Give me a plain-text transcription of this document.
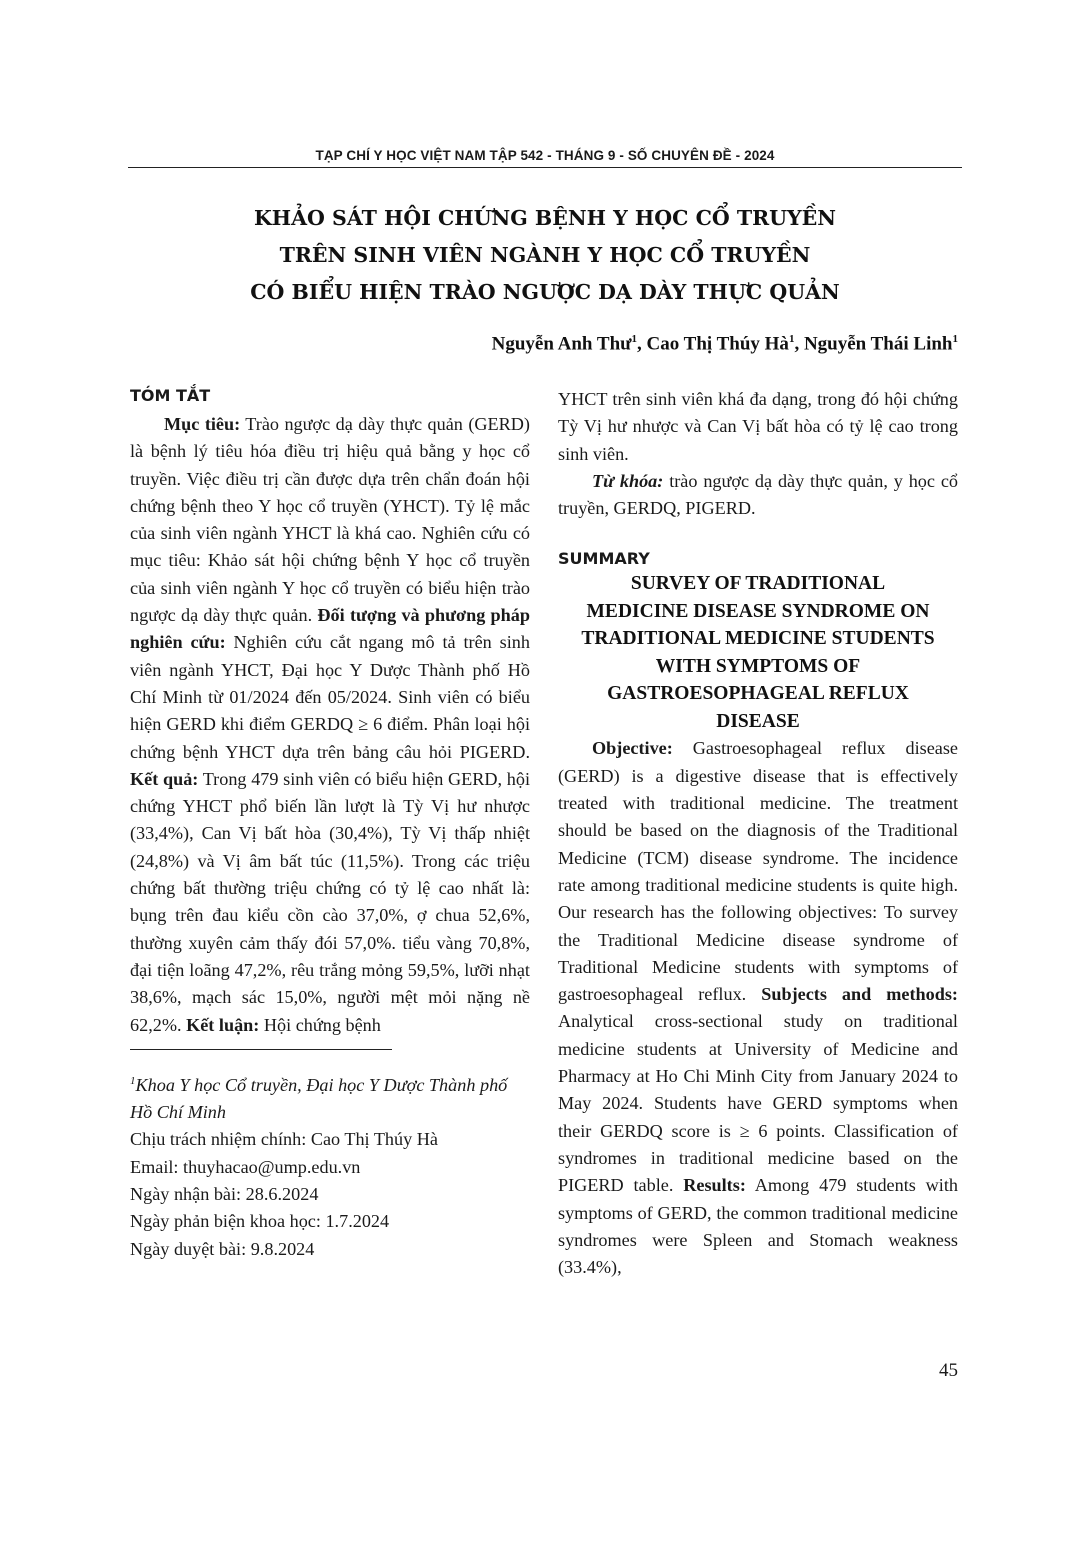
TẠP CHÍ Y HỌC VIỆT NAM TẬP 542 - THÁNG 9 - SỐ CHUYÊN ĐỀ - 2024
KHẢO SÁT HỘI CHỨNG BỆNH Y HỌC CỔ TRUYỀN
TRÊN SINH VIÊN NGÀNH Y HỌC CỔ TRUYỀN
CÓ BIỂU HIỆN TRÀO NGƯỢC DẠ DÀY THỰC QUẢN
Nguyễn Anh Thư$^1$, Cao Thị Thúy $Hà^1$, Nguyễn Thái Linh$^1$
TÓM TẮT

Mục tiêu: Trào ngược dạ dày thực quản (GERD) là bệnh lý tiêu hóa điều trị hiệu quả bằng y học cổ truyền. Việc điều trị cần được dựa trên chẩn đoán hội chứng bệnh theo Y học cổ truyền (YHCT). Tỷ lệ mắc của sinh viên ngành YHCT là khá cao. Nghiên cứu có mục tiêu: Khảo sát hội chứng bệnh Y học cổ truyền của sinh viên ngành Y học cổ truyền có biểu hiện trào ngược dạ dày thực quản. Đối tượng và phương pháp nghiên cứu: Nghiên cứu cắt ngang mô tả trên sinh viên ngành YHCT, Đại học Y Dược Thành phố Hồ Chí Minh từ 01/2024 đến 05/2024. Sinh viên có biểu hiện GERD khi điểm GERDQ ≥ 6 điểm. Phân loại hội chứng bệnh YHCT dựa trên bảng câu hỏi PIGERD. Kết quả: Trong 479 sinh viên có biểu hiện GERD, hội chứng YHCT phổ biến lần lượt là Tỳ Vị hư nhược (33,4%), Can Vị bất hòa (30,4%), Tỳ Vị thấp nhiệt (24,8%) và Vị âm bất túc (11,5%). Trong các triệu chứng bất thường triệu chứng có tỷ lệ cao nhất là: bụng trên đau kiểu cồn cào 37,0%, ợ chua 52,6%, thường xuyên cảm thấy đói 57,0%. tiểu vàng 70,8%, đại tiện loãng 47,2%, rêu trắng mỏng 59,5%, lưỡi nhạt 38,6%, mạch sác 15,0%, người mệt mỏi nặng nề 62,2%. Kết luận: Hội chứng bệnh

$^1$Khoa Y học Cổ truyền, Đại học Y Dược Thành phố Hồ Chí Minh

Chịu trách nhiệm chính: Cao Thị Thúy Hà

Email: thuyhacao@ump.edu.vn

Ngày nhận bài: 28.6.2024

Ngày phản biện khoa học: 1.7.2024

Ngày duyệt bài: 9.8.2024

YHCT trên sinh viên khá đa dạng, trong đó hội chứng Tỳ Vị hư nhược và Can Vị bất hòa có tỷ lệ cao trong sinh viên.

Từ khóa: trào ngược dạ dày thực quản, y học cổ truyền, GERDQ, PIGERD.

SUMMARY
SURVEY OF TRADITIONAL
MEDICINE DISEASE SYNDROME ON
TRADITIONAL MEDICINE STUDENTS
WITH SYMPTOMS OF
GASTROESOPHAGEAL REFLUX
DISEASE

Objective: Gastroesophageal reflux disease (GERD) is a digestive disease that is effectively treated with traditional medicine. The treatment should be based on the diagnosis of the Traditional Medicine (TCM) disease syndrome. The incidence rate among traditional medicine students is quite high. Our research has the following objectives: To survey the Traditional Medicine disease syndrome of Traditional Medicine students with symptoms of gastroesophageal reflux. Subjects and methods: Analytical cross-sectional study on traditional medicine students at University of Medicine and Pharmacy at Ho Chi Minh City from January 2024 to May 2024. Students have GERD symptoms when their GERDQ score is ≥ 6 points. Classification of syndromes in traditional medicine based on the PIGERD table. Results: Among 479 students with symptoms of GERD, the common traditional medicine syndromes were Spleen and Stomach weakness (33.4%),

45
